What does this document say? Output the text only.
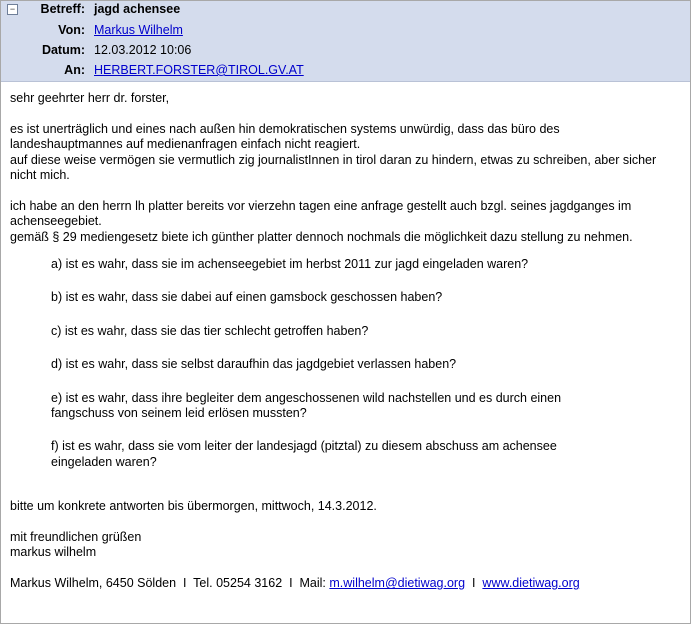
−	Betreff: jagd achensee
Von: Markus Wilhelm
Datum: 12.03.2012 10:06
An: HERBERT.FORSTER@TIROL.GV.AT

sehr geehrter herr dr. forster,

es ist unerträglich und eines nach außen hin demokratischen systems unwürdig, dass das büro des

landeshauptmannes auf medienanfragen einfach nicht reagiert.

auf diese weise vermögen sie vermutlich zig journalistInnen in tirol daran zu hindern, etwas zu schreiben, aber sicher

nicht mich.

ich habe an den herrn lh platter bereits vor vierzehn tagen eine anfrage gestellt auch bzgl. seines jagdganges im

achenseegebiet.

gemäß § 29 mediengesetz biete ich günther platter dennoch nochmals die möglichkeit dazu stellung zu nehmen.

a) ist es wahr, dass sie im achenseegebiet im herbst 2011 zur jagd eingeladen waren?

b) ist es wahr, dass sie dabei auf einen gamsbock geschossen haben?

c) ist es wahr, dass sie das tier schlecht getroffen haben?

d) ist es wahr, dass sie selbst daraufhin das jagdgebiet verlassen haben?

e) ist es wahr, dass ihre begleiter dem angeschossenen wild nachstellen und es durch einen

fangschuss von seinem leid erlösen mussten?

f) ist es wahr, dass sie vom leiter der landesjagd (pitztal) zu diesem abschuss am achensee

eingeladen waren?

bitte um konkrete antworten bis übermorgen, mittwoch, 14.3.2012.

mit freundlichen grüßen

markus wilhelm

Markus Wilhelm, 6450 Sölden  I  Tel. 05254 3162  I  Mail: m.wilhelm@dietiwag.org  I  www.dietiwag.org
